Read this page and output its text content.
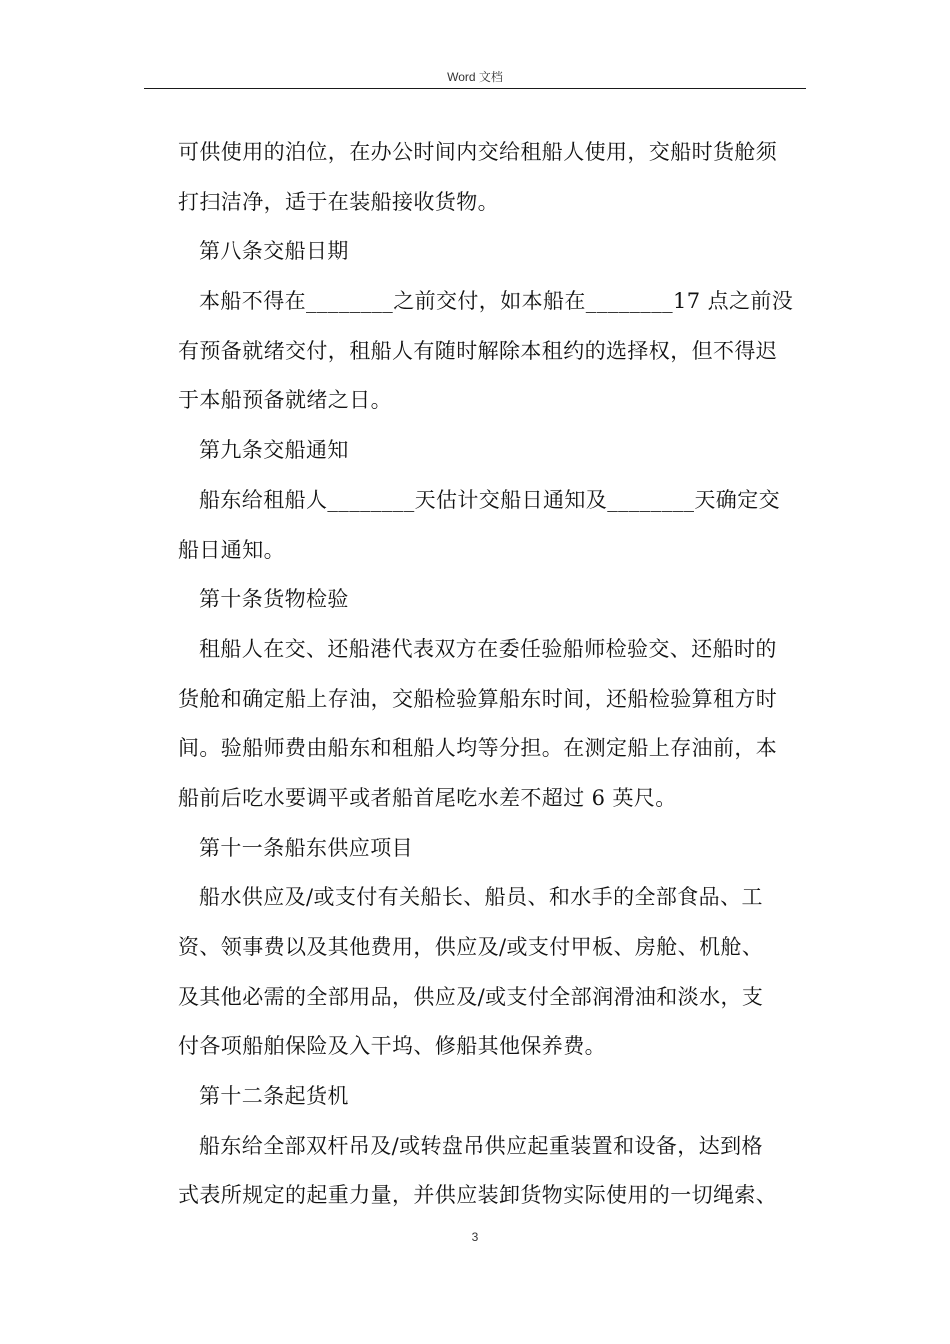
Word 文档
可供使用的泊位，在办公时间内交给租船人使用，交船时货舱须
打扫洁净，适于在装船接收货物。
第八条交船日期
本船不得在________之前交付，如本船在________17 点之前没
有预备就绪交付，租船人有随时解除本租约的选择权，但不得迟
于本船预备就绪之日。
第九条交船通知
船东给租船人________天估计交船日通知及________天确定交
船日通知。
第十条货物检验
租船人在交、还船港代表双方在委任验船师检验交、还船时的
货舱和确定船上存油，交船检验算船东时间，还船检验算租方时
间。验船师费由船东和租船人均等分担。在测定船上存油前，本
船前后吃水要调平或者船首尾吃水差不超过 6 英尺。
第十一条船东供应项目
船水供应及/或支付有关船长、船员、和水手的全部食品、工
资、领事费以及其他费用，供应及/或支付甲板、房舱、机舱、
及其他必需的全部用品，供应及/或支付全部润滑油和淡水，支
付各项船舶保险及入干坞、修船其他保养费。
第十二条起货机
船东给全部双杆吊及/或转盘吊供应起重装置和设备，达到格
式表所规定的起重力量，并供应装卸货物实际使用的一切绳索、
3
